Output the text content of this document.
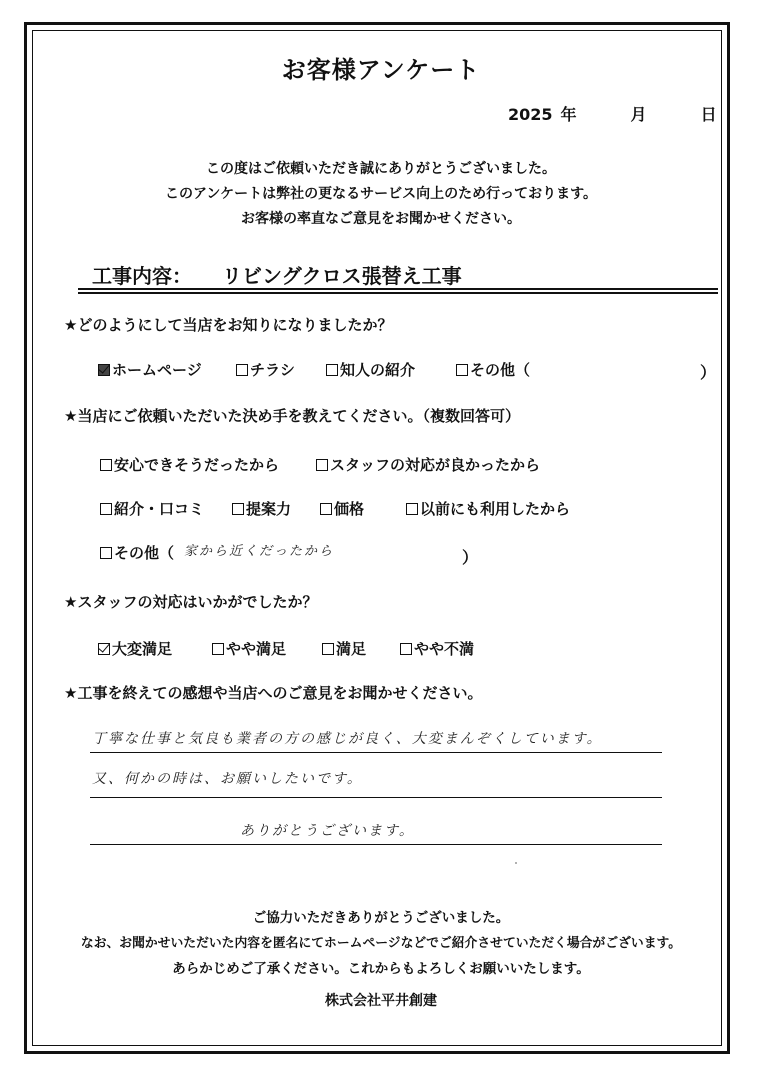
お客様アンケート
2025 年	月	日
この度はご依頼いただき誠にありがとうございました。
このアンケートは弊社の更なるサービス向上のため行っております。
お客様の率直なご意見をお聞かせください。
工事内容： リビングクロス張替え工事
★どのようにして当店をお知りになりましたか？
ホームページ	チラシ	知人の紹介	その他（	）
★当店にご依頼いただいた決め手を教えてください。（複数回答可）
安心できそうだったから	スタッフの対応が良かったから
紹介・口コミ	提案力	価格	以前にも利用したから
その他（ 家から近くだったから	）
★スタッフの対応はいかがでしたか？
大変満足	やや満足	満足	やや不満
★工事を終えての感想や当店へのご意見をお聞かせください。
丁寧な仕事と気良も業者の方の感じが良く、大変まんぞくしています。
又、何かの時は、お願いしたいです。
ありがとうございます。
ご協力いただきありがとうございました。
なお、お聞かせいただいた内容を匿名にてホームページなどでご紹介させていただく場合がございます。
あらかじめご了承ください。これからもよろしくお願いいたします。
株式会社平井創建
